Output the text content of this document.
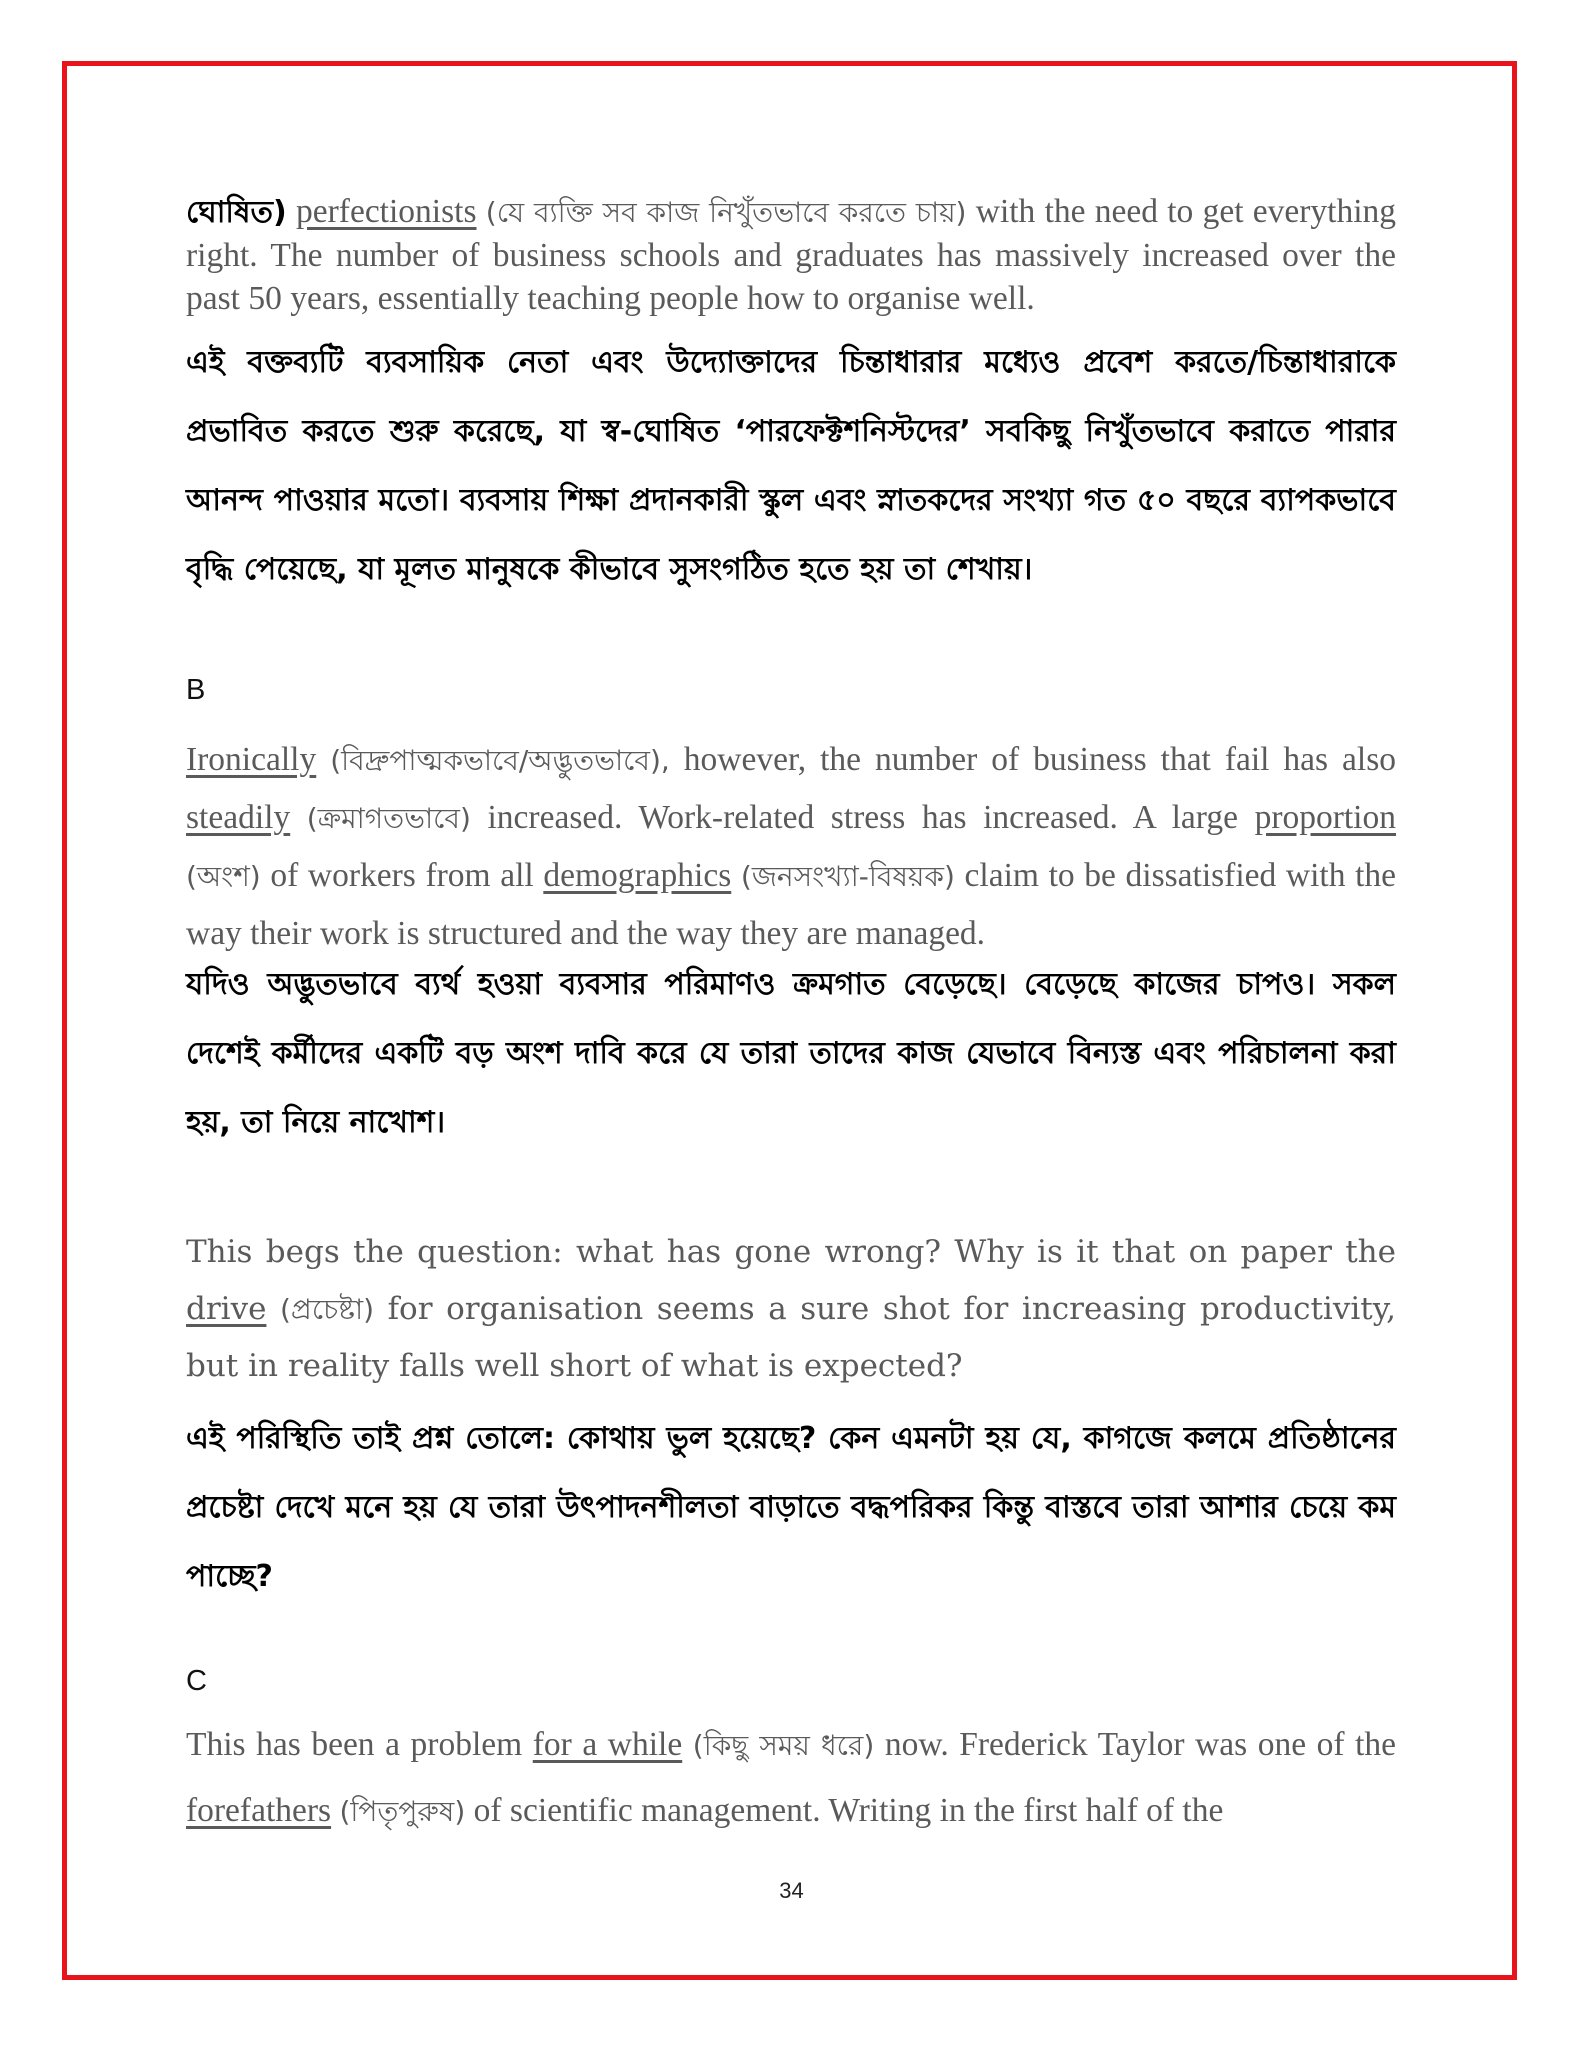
ঘোষিত) perfectionists (যে ব্যক্তি সব কাজ নিখুঁতভাবে করতে চায়) with the need to get everything right. The number of business schools and graduates has massively increased over the past 50 years, essentially teaching people how to organise well.

এই বক্তব্যটি ব্যবসায়িক নেতা এবং উদ্যোক্তাদের চিন্তাধারার মধ্যেও প্রবেশ করতে/চিন্তাধারাকে প্রভাবিত করতে শুরু করেছে, যা স্ব-ঘোষিত ‘পারফেক্টশনিস্টদের’ সবকিছু নিখুঁতভাবে করাতে পারার আনন্দ পাওয়ার মতো। ব্যবসায় শিক্ষা প্রদানকারী স্কুল এবং স্নাতকদের সংখ্যা গত ৫০ বছরে ব্যাপকভাবে বৃদ্ধি পেয়েছে, যা মূলত মানুষকে কীভাবে সুসংগঠিত হতে হয় তা শেখায়।

B

Ironically (বিদ্রুপাত্মকভাবে/অদ্ভুতভাবে), however, the number of business that fail has also steadily (ক্রমাগতভাবে) increased. Work-related stress has increased. A large proportion (অংশ) of workers from all demographics (জনসংখ্যা-বিষয়ক) claim to be dissatisfied with the way their work is structured and the way they are managed.

যদিও অদ্ভুতভাবে ব্যর্থ হওয়া ব্যবসার পরিমাণও ক্রমগাত বেড়েছে। বেড়েছে কাজের চাপও। সকল দেশেই কর্মীদের একটি বড় অংশ দাবি করে যে তারা তাদের কাজ যেভাবে বিন্যস্ত এবং পরিচালনা করা হয়, তা নিয়ে নাখোশ।

This begs the question: what has gone wrong? Why is it that on paper the drive (প্রচেষ্টা) for organisation seems a sure shot for increasing productivity, but in reality falls well short of what is expected?

এই পরিস্থিতি তাই প্রশ্ন তোলে: কোথায় ভুল হয়েছে? কেন এমনটা হয় যে, কাগজে কলমে প্রতিষ্ঠানের প্রচেষ্টা দেখে মনে হয় যে তারা উৎপাদনশীলতা বাড়াতে বদ্ধপরিকর কিন্তু বাস্তবে তারা আশার চেয়ে কম পাচ্ছে?

C

This has been a problem for a while (কিছু সময় ধরে) now. Frederick Taylor was one of the forefathers (পিতৃপুরুষ) of scientific management. Writing in the first half of the

34
